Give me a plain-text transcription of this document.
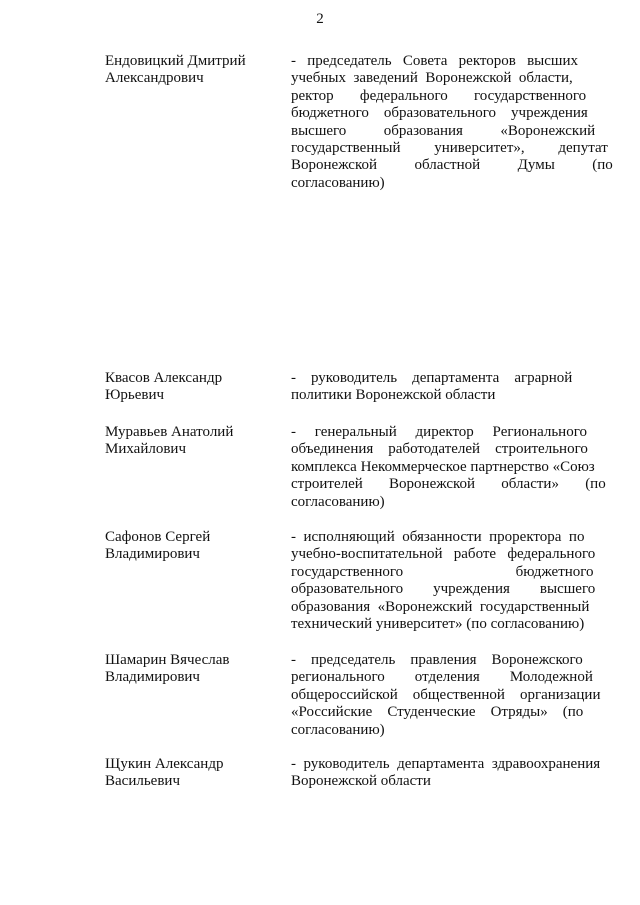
2
Ендовицкий Дмитрий
Александрович
-   председатель   Совета   ректоров   высших
учебных  заведений  Воронежской  области,
ректор       федерального       государственного
бюджетного    образовательного    учреждения
высшего          образования          «Воронежский
государственный         университет»,         депутат
Воронежской          областной          Думы          (по
согласованию)
Квасов Александр
Юрьевич
-    руководитель    департамента    аграрной
политики Воронежской области
Муравьев Анатолий
Михайлович
-     генеральный     директор     Регионального
объединения    работодателей    строительного
комплекса Некоммерческое партнерство «Союз
строителей       Воронежской       области»       (по
согласованию)
Сафонов Сергей
Владимирович
-  исполняющий  обязанности  проректора  по
учебно-воспитательной   работе   федерального
государственного                              бюджетного
образовательного        учреждения        высшего
образования  «Воронежский  государственный
технический университет» (по согласованию)
Шамарин Вячеслав
Владимирович
-    председатель    правления    Воронежского
регионального        отделения        Молодежной
общероссийской    общественной    организации
«Российские    Студенческие    Отряды»    (по
согласованию)
Щукин Александр
Васильевич
-  руководитель  департамента  здравоохранения
Воронежской области
